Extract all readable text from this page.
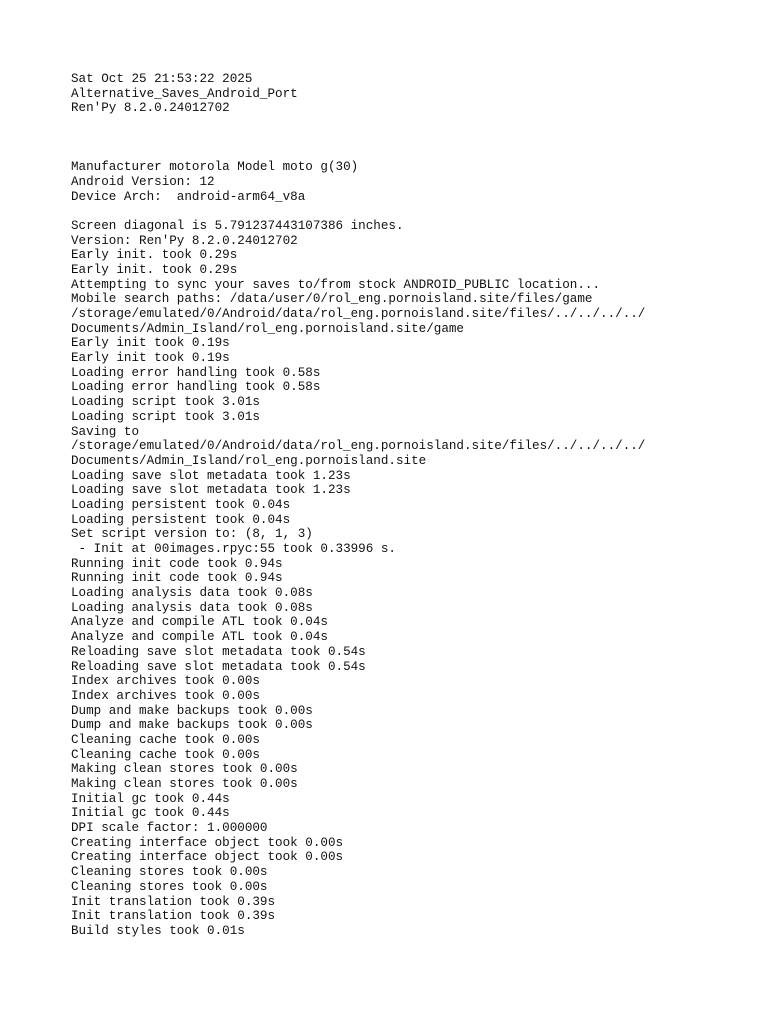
Sat Oct 25 21:53:22 2025
Alternative_Saves_Android_Port
Ren'Py 8.2.0.24012702
Manufacturer motorola Model moto g(30)
Android Version: 12
Device Arch:  android-arm64_v8a
Screen diagonal is 5.791237443107386 inches.
Version: Ren'Py 8.2.0.24012702
Early init. took 0.29s
Early init. took 0.29s
Attempting to sync your saves to/from stock ANDROID_PUBLIC location...
Mobile search paths: /data/user/0/rol_eng.pornoisland.site/files/game
/storage/emulated/0/Android/data/rol_eng.pornoisland.site/files/../../../../
Documents/Admin_Island/rol_eng.pornoisland.site/game
Early init took 0.19s
Early init took 0.19s
Loading error handling took 0.58s
Loading error handling took 0.58s
Loading script took 3.01s
Loading script took 3.01s
Saving to
/storage/emulated/0/Android/data/rol_eng.pornoisland.site/files/../../../../
Documents/Admin_Island/rol_eng.pornoisland.site
Loading save slot metadata took 1.23s
Loading save slot metadata took 1.23s
Loading persistent took 0.04s
Loading persistent took 0.04s
Set script version to: (8, 1, 3)
- Init at 00images.rpyc:55 took 0.33996 s.
Running init code took 0.94s
Running init code took 0.94s
Loading analysis data took 0.08s
Loading analysis data took 0.08s
Analyze and compile ATL took 0.04s
Analyze and compile ATL took 0.04s
Reloading save slot metadata took 0.54s
Reloading save slot metadata took 0.54s
Index archives took 0.00s
Index archives took 0.00s
Dump and make backups took 0.00s
Dump and make backups took 0.00s
Cleaning cache took 0.00s
Cleaning cache took 0.00s
Making clean stores took 0.00s
Making clean stores took 0.00s
Initial gc took 0.44s
Initial gc took 0.44s
DPI scale factor: 1.000000
Creating interface object took 0.00s
Creating interface object took 0.00s
Cleaning stores took 0.00s
Cleaning stores took 0.00s
Init translation took 0.39s
Init translation took 0.39s
Build styles took 0.01s
